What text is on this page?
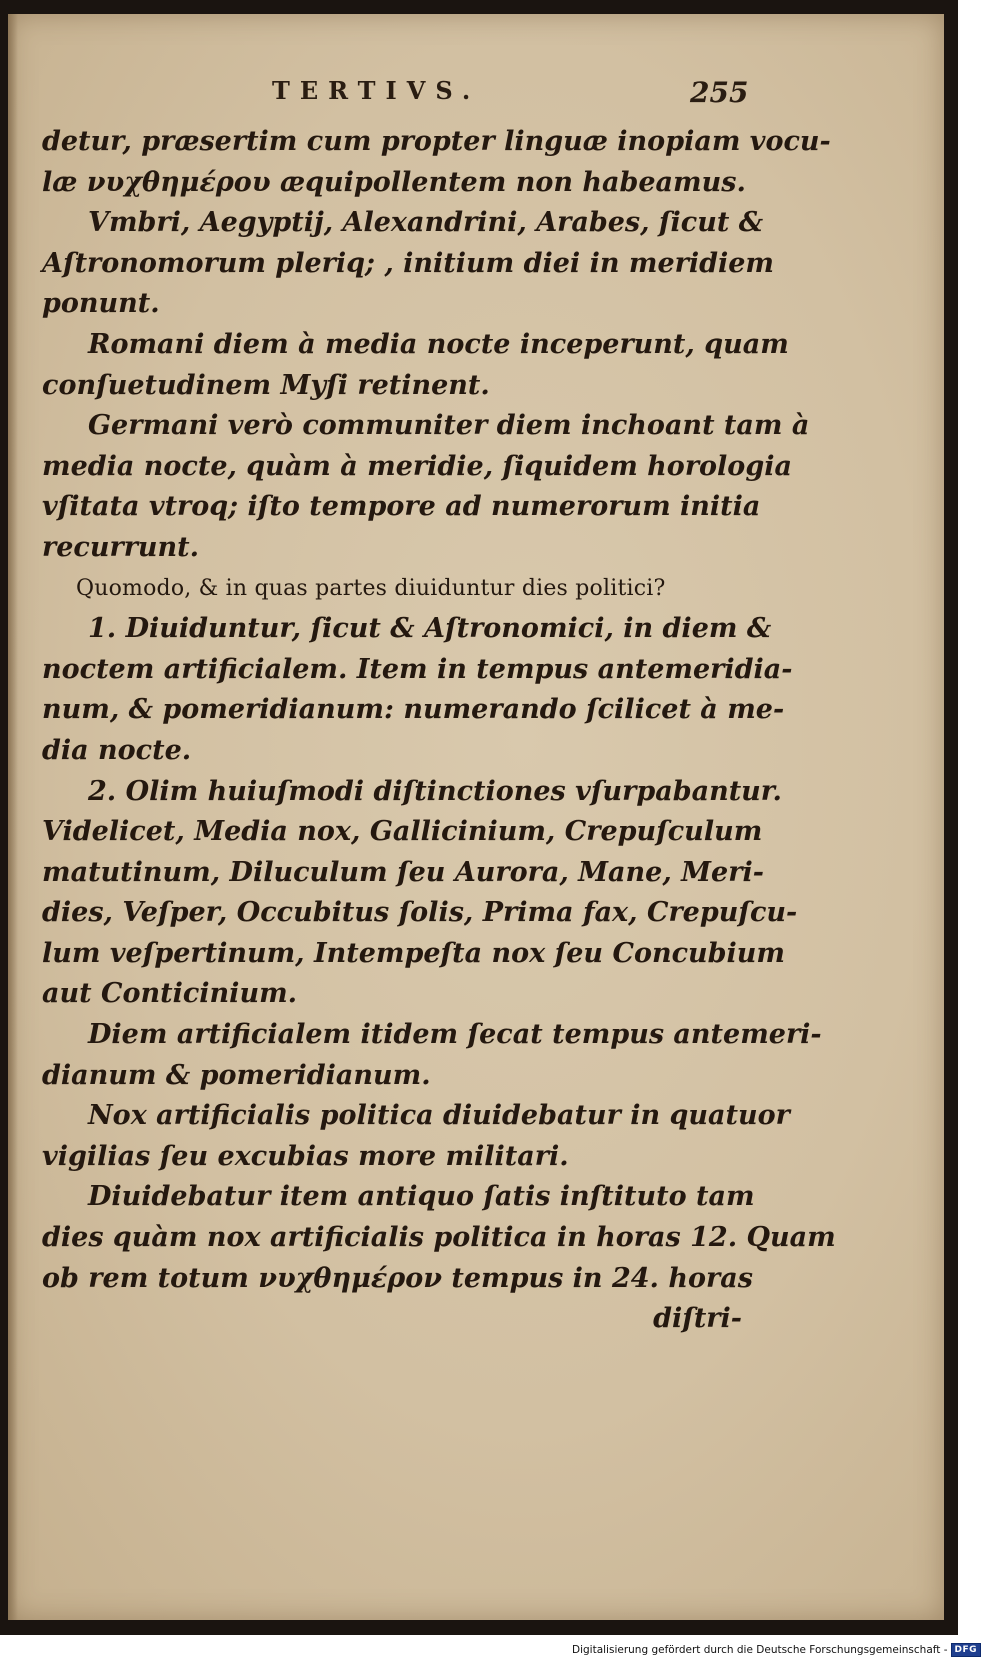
TERTIVS.	255
detur, præsertim cum propter linguæ inopiam vocu-
læ νυχθημέρου æquipollentem non habeamus.
Vmbri, Aegyptij, Alexandrini, Arabes, ſicut &
Aſtronomorum pleriq; , initium diei in meridiem
ponunt.
Romani diem à media nocte inceperunt, quam
conſuetudinem Myſi retinent.
Germani verò communiter diem inchoant tam à
media nocte, quàm à meridie, ſiquidem horologia
vſitata vtroq; iſto tempore ad numerorum initia
recurrunt.
Quomodo, & in quas partes diuiduntur dies politici?
1. Diuiduntur, ſicut & Aſtronomici, in diem &
noctem artificialem. Item in tempus antemeridia-
num, & pomeridianum: numerando ſcilicet à me-
dia nocte.
2. Olim huiuſmodi diſtinctiones vſurpabantur.
Videlicet, Media nox, Gallicinium, Crepuſculum
matutinum, Diluculum ſeu Aurora, Mane, Meri-
dies, Veſper, Occubitus ſolis, Prima fax, Crepuſcu-
lum veſpertinum, Intempeſta nox ſeu Concubium
aut Conticinium.
Diem artificialem itidem ſecat tempus antemeri-
dianum & pomeridianum.
Nox artificialis politica diuidebatur in quatuor
vigilias ſeu excubias more militari.
Diuidebatur item antiquo ſatis inſtituto tam
dies quàm nox artificialis politica in horas 12. Quam
ob rem totum νυχθημέρον tempus in 24. horas
diſtri-
Digitalisierung gefördert durch die Deutsche Forschungsgemeinschaft - DFG
